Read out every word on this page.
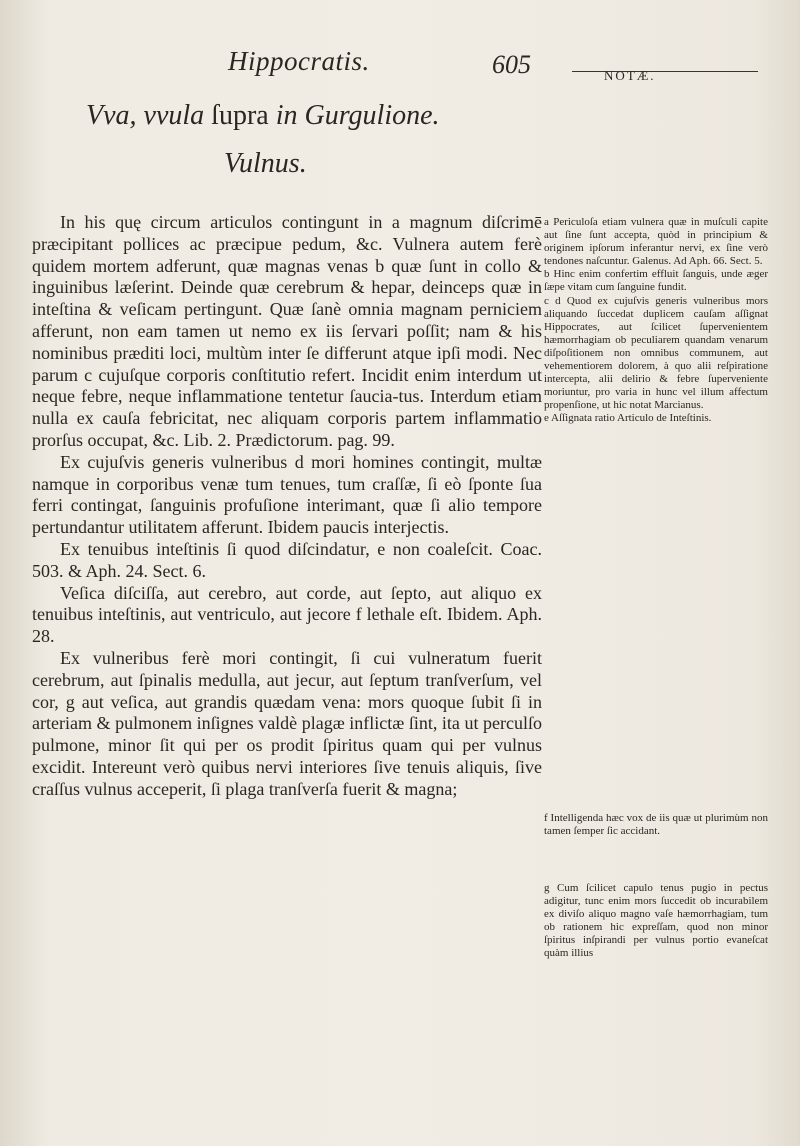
Hippocratis.	605	NOTÆ.
Vva, vvula ſupra in Gurgulione.
Vulnus.

In his quę circum articulos contingunt in a magnum diſcrimē præcipitant pollices ac præcipue pedum, &c. Vulnera autem ferè quidem mortem adferunt, quæ magnas venas b quæ ſunt in collo & inguinibus læſerint. Deinde quæ cerebrum & hepar, deinceps quæ in inteſtina & veſicam pertingunt. Quæ ſanè omnia magnam perniciem afferunt, non eam tamen ut nemo ex iis ſervari poſſit; nam & his nominibus præditi loci, multùm inter ſe differunt atque ipſi modi. Nec parum c cujuſque corporis conſtitutio refert. Incidit enim interdum ut neque febre, neque inflammatione tentetur ſaucia-tus. Interdum etiam nulla ex cauſa febricitat, nec aliquam corporis partem inflammatio prorſus occupat, &c. Lib. 2. Prædictorum. pag. 99.

Ex cujuſvis generis vulneribus d mori homines contingit, multæ namque in corporibus venæ tum tenues, tum craſſæ, ſi eò ſponte ſua ferri contingat, ſanguinis profuſione interimant, quæ ſi alio tempore pertundantur utilitatem afferunt. Ibidem paucis interjectis.

Ex tenuibus inteſtinis ſi quod diſcindatur, e non coaleſcit. Coac. 503. & Aph. 24. Sect. 6.

Veſica diſciſſa, aut cerebro, aut corde, aut ſepto, aut aliquo ex tenuibus inteſtinis, aut ventriculo, aut jecore f lethale eſt. Ibidem. Aph. 28.

Ex vulneribus ferè mori contingit, ſi cui vulneratum fuerit cerebrum, aut ſpinalis medulla, aut jecur, aut ſeptum tranſverſum, vel cor, g aut veſica, aut grandis quædam vena: mors quoque ſubit ſi in arteriam & pulmonem inſignes valdè plagæ inflictæ ſint, ita ut perculſo pulmone, minor ſit qui per os prodit ſpiritus quam qui per vulnus excidit. Intereunt verò quibus nervi interiores ſive tenuis aliquis, ſive craſſus vulnus acceperit, ſi plaga tranſverſa fuerit & magna;

a Periculoſa etiam vulnera quæ in muſculi capite aut ſine ſunt accepta, quòd in principium & originem ipſorum inferantur nervi, ex ſine verò tendones naſcuntur. Galenus. Ad Aph. 66. Sect. 5.

b Hinc enim confertim effluit ſanguis, unde æger ſæpe vitam cum ſanguine fundit.

c d Quod ex cujuſvis generis vulneribus mors aliquando ſuccedat duplicem cauſam aſſignat Hippocrates, aut ſcilicet ſupervenientem hæmorrhagiam ob peculiarem quandam venarum diſpoſitionem non omnibus communem, aut vehementiorem dolorem, à quo alii reſpirationе interceptа, alii delirio & febre ſupervenientе moriuntur, pro varia in hunc vel illum affectum propenſione, ut hic notat Marcianus.

e Aſſignata ratio Articulo de Inteſtinis.

f Intelligenda hæc vox de iis quæ ut plurimùm non tamen ſemper ſic accidant.

g Cum ſcilicet capulo tenus pugio in pectus adigitur, tunc enim mors ſuccedit ob incurabilem ex diviſo aliquo magno vaſe hæmorrhagiam, tum ob rationem hic expreſſam, quod non minor ſpiritus inſpirandi per vulnus portio evaneſcat quàm illius
